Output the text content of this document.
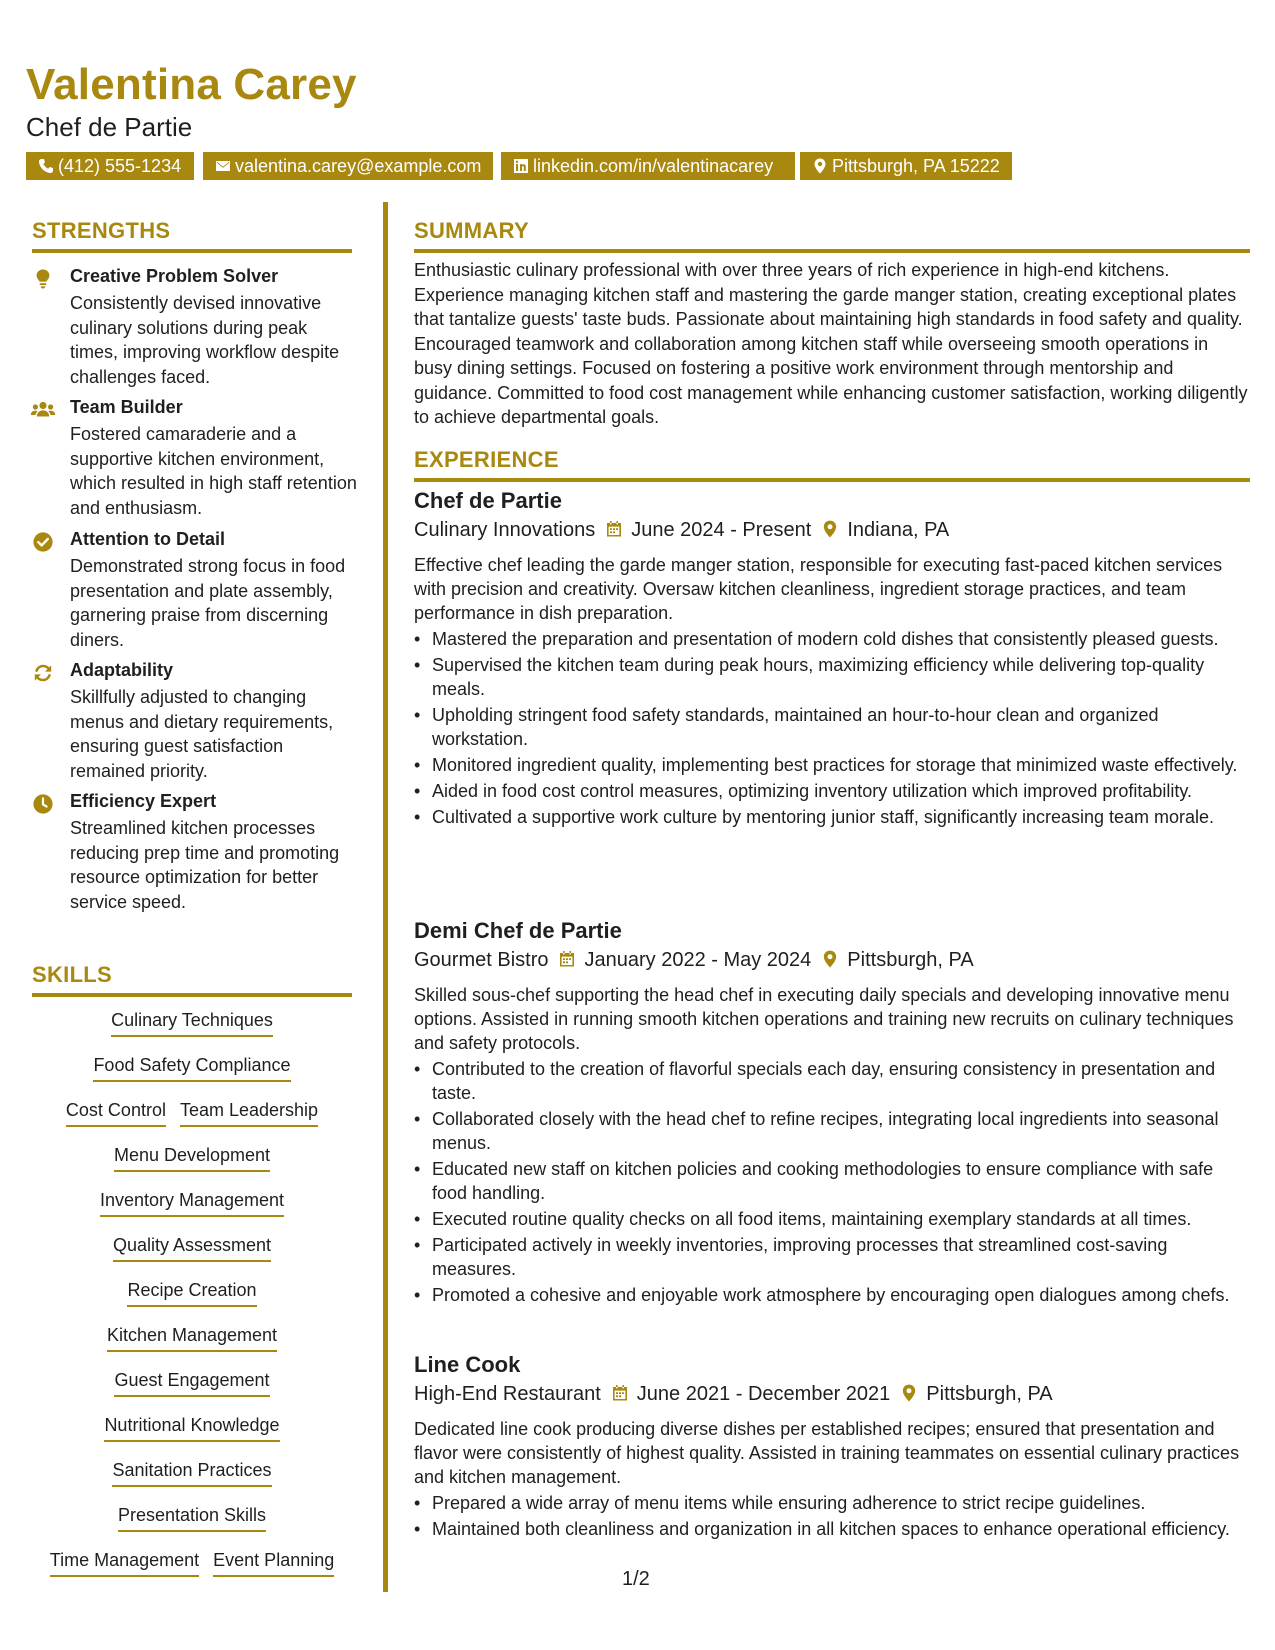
Valentina Carey
Chef de Partie
(412) 555-1234	valentina.carey@example.com	linkedin.com/in/valentinacarey	Pittsburgh, PA 15222
STRENGTHS
Creative Problem Solver
Consistently devised innovative culinary solutions during peak times, improving workflow despite challenges faced.
Team Builder
Fostered camaraderie and a supportive kitchen environment, which resulted in high staff retention and enthusiasm.
Attention to Detail
Demonstrated strong focus in food presentation and plate assembly, garnering praise from discerning diners.
Adaptability
Skillfully adjusted to changing menus and dietary requirements, ensuring guest satisfaction remained priority.
Efficiency Expert
Streamlined kitchen processes reducing prep time and promoting resource optimization for better service speed.
SKILLS
Culinary Techniques
Food Safety Compliance
Cost Control Team Leadership
Menu Development
Inventory Management
Quality Assessment
Recipe Creation
Kitchen Management
Guest Engagement
Nutritional Knowledge
Sanitation Practices
Presentation Skills
Time Management Event Planning
SUMMARY
Enthusiastic culinary professional with over three years of rich experience in high-end kitchens. Experience managing kitchen staff and mastering the garde manger station, creating exceptional plates that tantalize guests' taste buds. Passionate about maintaining high standards in food safety and quality. Encouraged teamwork and collaboration among kitchen staff while overseeing smooth operations in busy dining settings. Focused on fostering a positive work environment through mentorship and guidance. Committed to food cost management while enhancing customer satisfaction, working diligently to achieve departmental goals.
EXPERIENCE
Chef de Partie
Culinary Innovations June 2024 - Present Indiana, PA
Effective chef leading the garde manger station, responsible for executing fast-paced kitchen services with precision and creativity. Oversaw kitchen cleanliness, ingredient storage practices, and team performance in dish preparation.
• Mastered the preparation and presentation of modern cold dishes that consistently pleased guests.
• Supervised the kitchen team during peak hours, maximizing efficiency while delivering top-quality meals.
• Upholding stringent food safety standards, maintained an hour-to-hour clean and organized workstation.
• Monitored ingredient quality, implementing best practices for storage that minimized waste effectively.
• Aided in food cost control measures, optimizing inventory utilization which improved profitability.
• Cultivated a supportive work culture by mentoring junior staff, significantly increasing team morale.
Demi Chef de Partie
Gourmet Bistro January 2022 - May 2024 Pittsburgh, PA
Skilled sous-chef supporting the head chef in executing daily specials and developing innovative menu options. Assisted in running smooth kitchen operations and training new recruits on culinary techniques and safety protocols.
• Contributed to the creation of flavorful specials each day, ensuring consistency in presentation and taste.
• Collaborated closely with the head chef to refine recipes, integrating local ingredients into seasonal menus.
• Educated new staff on kitchen policies and cooking methodologies to ensure compliance with safe food handling.
• Executed routine quality checks on all food items, maintaining exemplary standards at all times.
• Participated actively in weekly inventories, improving processes that streamlined cost-saving measures.
• Promoted a cohesive and enjoyable work atmosphere by encouraging open dialogues among chefs.
Line Cook
High-End Restaurant June 2021 - December 2021 Pittsburgh, PA
Dedicated line cook producing diverse dishes per established recipes; ensured that presentation and flavor were consistently of highest quality. Assisted in training teammates on essential culinary practices and kitchen management.
• Prepared a wide array of menu items while ensuring adherence to strict recipe guidelines.
• Maintained both cleanliness and organization in all kitchen spaces to enhance operational efficiency.
1/2
